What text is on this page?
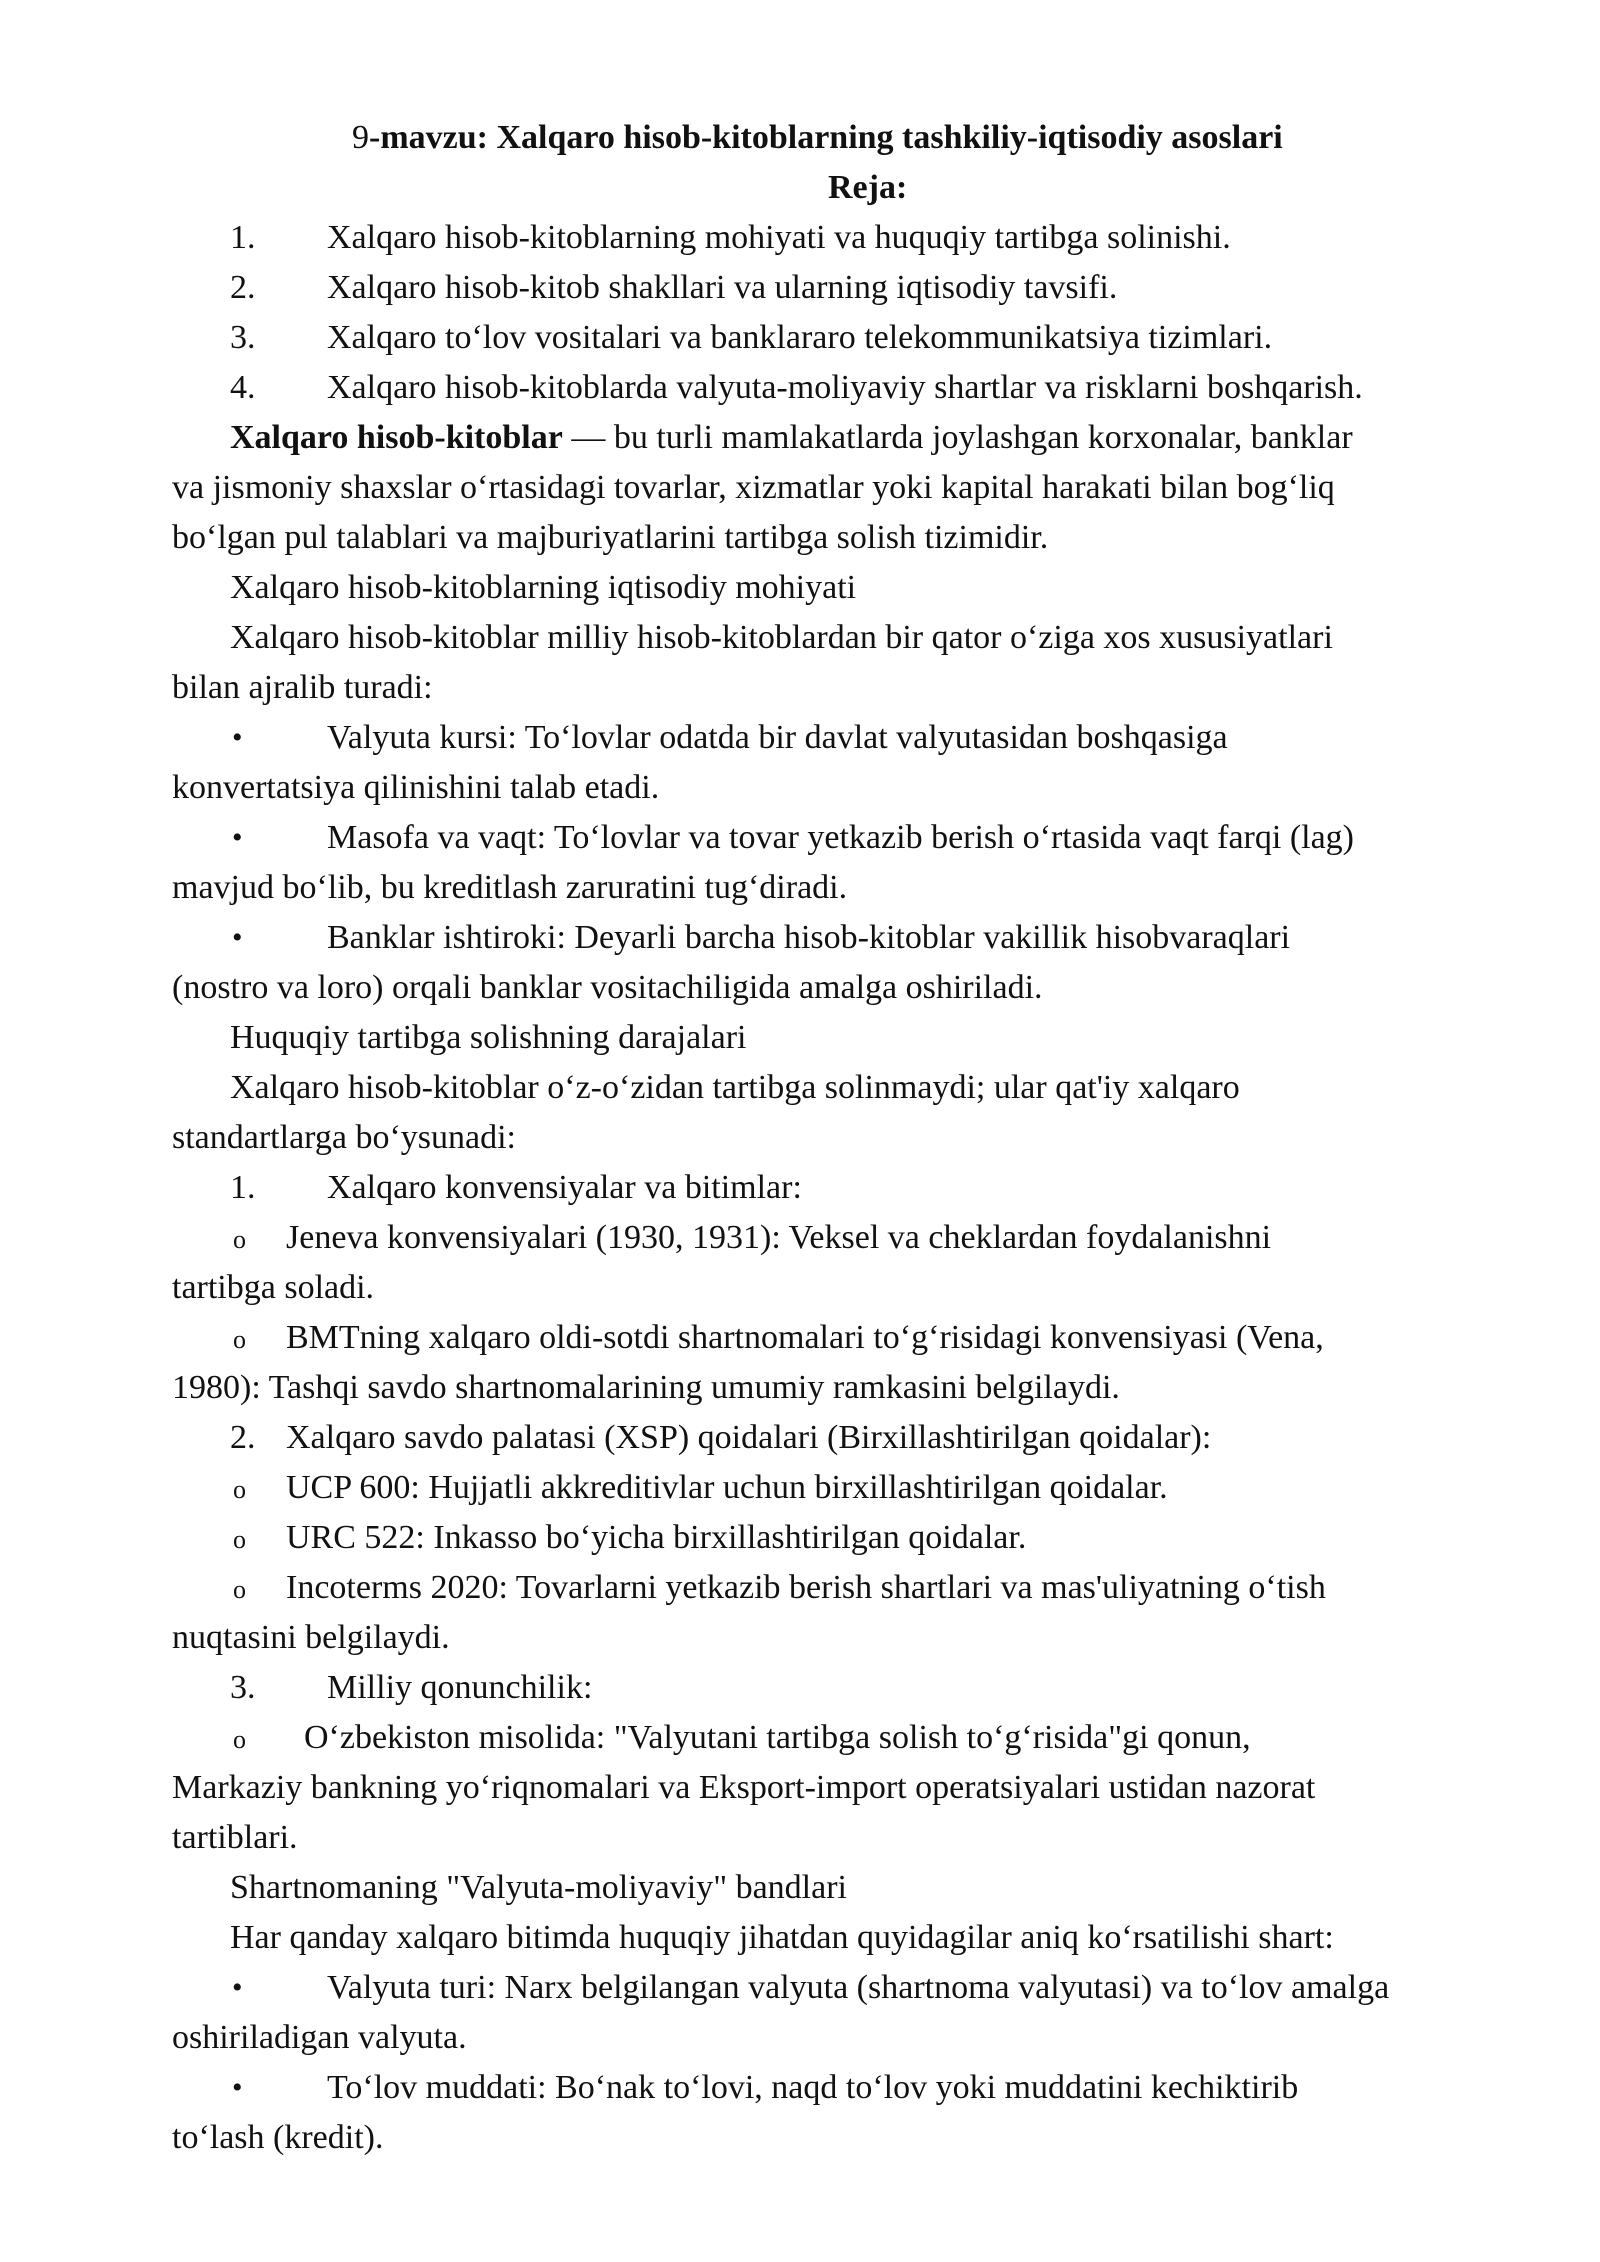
9-mavzu: Xalqaro hisob-kitoblarning tashkiliy-iqtisodiy asoslari
Reja:
1.	Xalqaro hisob-kitoblarning mohiyati va huquqiy tartibga solinishi.
2.	Xalqaro hisob-kitob shakllari va ularning iqtisodiy tavsifi.
3.	Xalqaro to‘lov vositalari va banklararo telekommunikatsiya tizimlari.
4.	Xalqaro hisob-kitoblarda valyuta-moliyaviy shartlar va risklarni boshqarish.
Xalqaro hisob-kitoblar — bu turli mamlakatlarda joylashgan korxonalar, banklar
va jismoniy shaxslar o‘rtasidagi tovarlar, xizmatlar yoki kapital harakati bilan bog‘liq
bo‘lgan pul talablari va majburiyatlarini tartibga solish tizimidir.
Xalqaro hisob-kitoblarning iqtisodiy mohiyati
Xalqaro hisob-kitoblar milliy hisob-kitoblardan bir qator o‘ziga xos xususiyatlari
bilan ajralib turadi:
•	Valyuta kursi: To‘lovlar odatda bir davlat valyutasidan boshqasiga
konvertatsiya qilinishini talab etadi.
•	Masofa va vaqt: To‘lovlar va tovar yetkazib berish o‘rtasida vaqt farqi (lag)
mavjud bo‘lib, bu kreditlash zaruratini tug‘diradi.
•	Banklar ishtiroki: Deyarli barcha hisob-kitoblar vakillik hisobvaraqlari
(nostro va loro) orqali banklar vositachiligida amalga oshiriladi.
Huquqiy tartibga solishning darajalari
Xalqaro hisob-kitoblar o‘z-o‘zidan tartibga solinmaydi; ular qat'iy xalqaro
standartlarga bo‘ysunadi:
1.	Xalqaro konvensiyalar va bitimlar:
o	Jeneva konvensiyalari (1930, 1931): Veksel va cheklardan foydalanishni
tartibga soladi.
o	BMTning xalqaro oldi-sotdi shartnomalari to‘g‘risidagi konvensiyasi (Vena,
1980): Tashqi savdo shartnomalarining umumiy ramkasini belgilaydi.
2. Xalqaro savdo palatasi (XSP) qoidalari (Birxillashtirilgan qoidalar):
o	UCP 600: Hujjatli akkreditivlar uchun birxillashtirilgan qoidalar.
o	URC 522: Inkasso bo‘yicha birxillashtirilgan qoidalar.
o	Incoterms 2020: Tovarlarni yetkazib berish shartlari va mas'uliyatning o‘tish
nuqtasini belgilaydi.
3.	Milliy qonunchilik:
o	O‘zbekiston misolida: "Valyutani tartibga solish to‘g‘risida"gi qonun,
Markaziy bankning yo‘riqnomalari va Eksport-import operatsiyalari ustidan nazorat
tartiblari.
Shartnomaning "Valyuta-moliyaviy" bandlari
Har qanday xalqaro bitimda huquqiy jihatdan quyidagilar aniq ko‘rsatilishi shart:
•	Valyuta turi: Narx belgilangan valyuta (shartnoma valyutasi) va to‘lov amalga
oshiriladigan valyuta.
•	To‘lov muddati: Bo‘nak to‘lovi, naqd to‘lov yoki muddatini kechiktirib
to‘lash (kredit).
